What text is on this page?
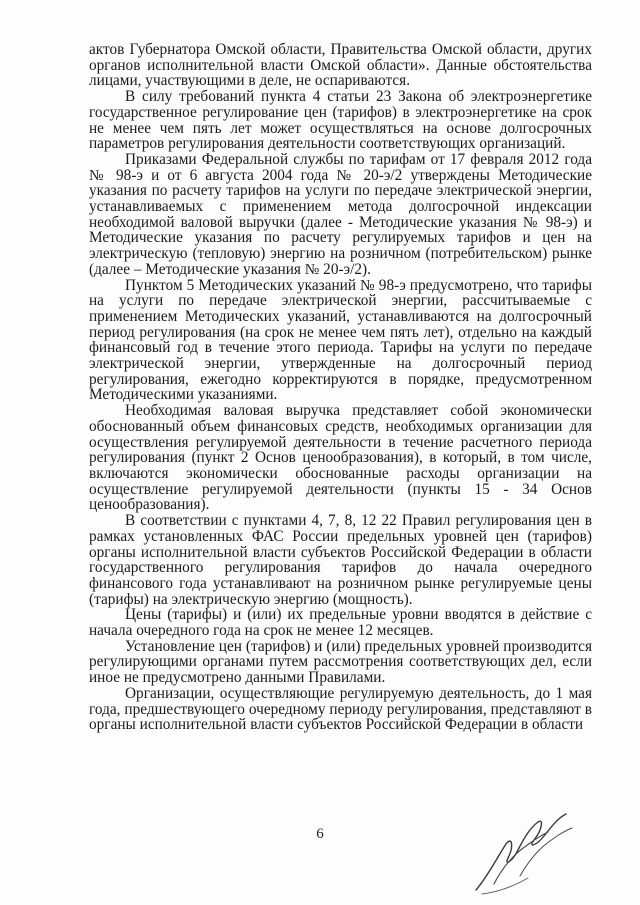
актов Губернатора Омской области, Правительства Омской области, других органов исполнительной власти Омской области». Данные обстоятельства лицами, участвующими в деле, не оспариваются.

В силу требований пункта 4 статьи 23 Закона об электроэнергетике государственное регулирование цен (тарифов) в электроэнергетике на срок не менее чем пять лет может осуществляться на основе долгосрочных параметров регулирования деятельности соответствующих организаций.

Приказами Федеральной службы по тарифам от 17 февраля 2012 года № 98-э и от 6 августа 2004 года № 20-э/2 утверждены Методические указания по расчету тарифов на услуги по передаче электрической энергии, устанавливаемых с применением метода долгосрочной индексации необходимой валовой выручки (далее - Методические указания № 98-э) и Методические указания по расчету регулируемых тарифов и цен на электрическую (тепловую) энергию на розничном (потребительском) рынке (далее – Методические указания № 20-э/2).

Пунктом 5 Методических указаний № 98-э предусмотрено, что тарифы на услуги по передаче электрической энергии, рассчитываемые с применением Методических указаний, устанавливаются на долгосрочный период регулирования (на срок не менее чем пять лет), отдельно на каждый финансовый год в течение этого периода. Тарифы на услуги по передаче электрической энергии, утвержденные на долгосрочный период регулирования, ежегодно корректируются в порядке, предусмотренном Методическими указаниями.

Необходимая валовая выручка представляет собой экономически обоснованный объем финансовых средств, необходимых организации для осуществления регулируемой деятельности в течение расчетного периода регулирования (пункт 2 Основ ценообразования), в который, в том числе, включаются экономически обоснованные расходы организации на осуществление регулируемой деятельности (пункты 15 - 34 Основ ценообразования).

В соответствии с пунктами 4, 7, 8, 12 22 Правил регулирования цен в рамках установленных ФАС России предельных уровней цен (тарифов) органы исполнительной власти субъектов Российской Федерации в области государственного регулирования тарифов до начала очередного финансового года устанавливают на розничном рынке регулируемые цены (тарифы) на электрическую энергию (мощность).

Цены (тарифы) и (или) их предельные уровни вводятся в действие с начала очередного года на срок не менее 12 месяцев.

Установление цен (тарифов) и (или) предельных уровней производится регулирующими органами путем рассмотрения соответствующих дел, если иное не предусмотрено данными Правилами.

Организации, осуществляющие регулируемую деятельность, до 1 мая года, предшествующего очередному периоду регулирования, представляют в органы исполнительной власти субъектов Российской Федерации в области

6
